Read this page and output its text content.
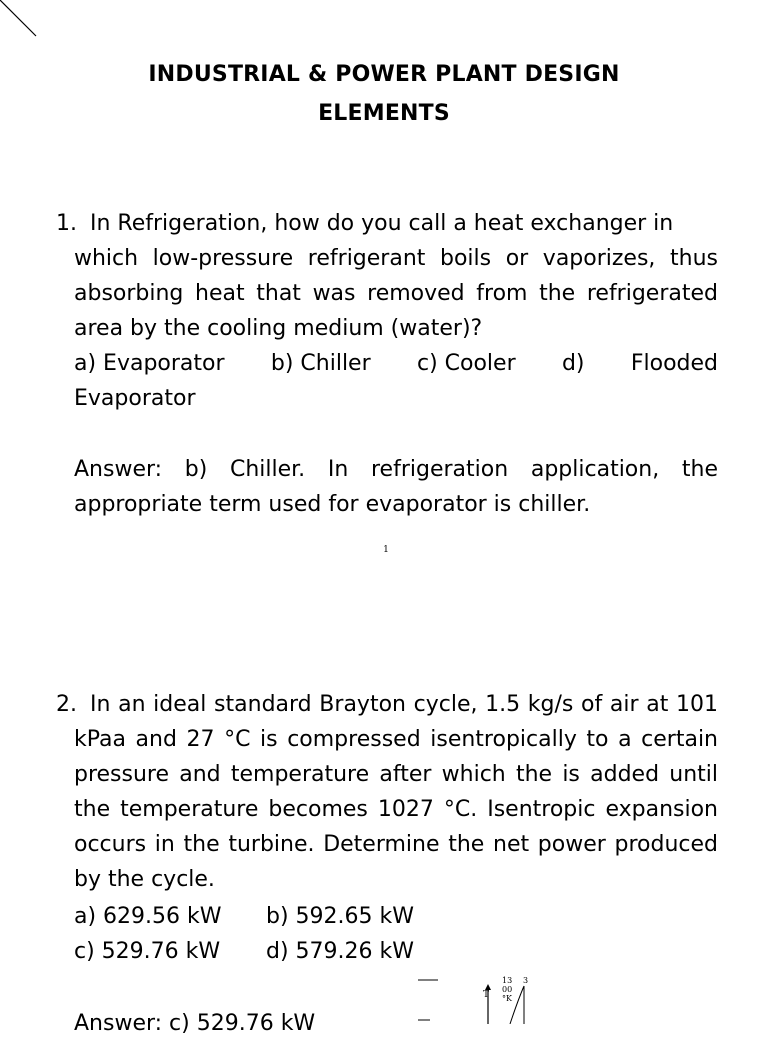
INDUSTRIAL & POWER PLANT DESIGN
ELEMENTS
1. In Refrigeration, how do you call a heat exchanger in
which low-pressure refrigerant boils or vaporizes, thus
absorbing heat that was removed from the refrigerated
area by the cooling medium (water)?
a) Evaporator b) Chiller c) Cooler d) Flooded
Evaporator
Answer: b) Chiller. In refrigeration application, the
appropriate term used for evaporator is chiller.
1
2. In an ideal standard Brayton cycle, 1.5 kg/s of air at 101
kPaa and 27 °C is compressed isentropically to a certain
pressure and temperature after which the is added until
the temperature becomes 1027 °C. Isentropic expansion
occurs in the turbine. Determine the net power produced
by the cycle.
a) 629.56 kW b) 592.65 kW
c) 529.76 kW d) 579.26 kW
T
13
00
°K
3
Answer: c) 529.76 kW
